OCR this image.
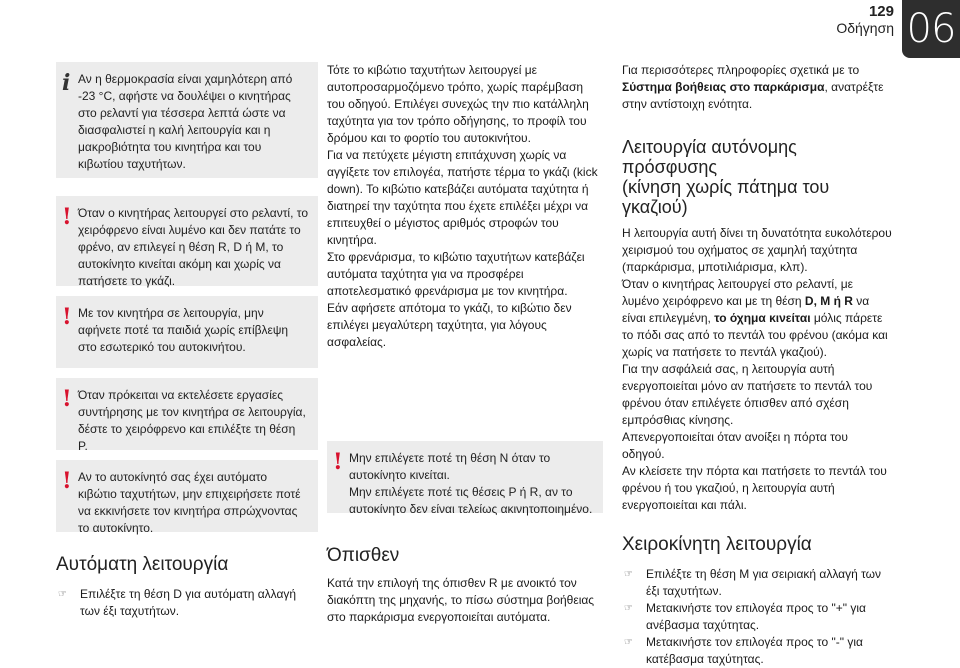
129
Οδήγηση 06
i Αν η θερμοκρασία είναι χαμηλότερη από -23 °C, αφήστε να δουλέψει ο κινητήρας στο ρελαντί για τέσσερα λεπτά ώστε να διασφαλιστεί η καλή λειτουργία και η μακροβιότητα του κινητήρα και του κιβωτίου ταχυτήτων.
! Όταν ο κινητήρας λειτουργεί στο ρελαντί, το χειρόφρενο είναι λυμένο και δεν πατάτε το φρένο, αν επιλεγεί η θέση R, D ή M, το αυτοκίνητο κινείται ακόμη και χωρίς να πατήσετε το γκάζι.
! Με τον κινητήρα σε λειτουργία, μην αφήνετε ποτέ τα παιδιά χωρίς επίβλεψη στο εσωτερικό του αυτοκινήτου.
! Όταν πρόκειται να εκτελέσετε εργασίες συντήρησης με τον κινητήρα σε λειτουργία, δέστε το χειρόφρενο και επιλέξτε τη θέση P.
! Αν το αυτοκίνητό σας έχει αυτόματο κιβώτιο ταχυτήτων, μην επιχειρήσετε ποτέ να εκκινήσετε τον κινητήρα σπρώχνοντας το αυτοκίνητο.
Αυτόματη λειτουργία
☞ Επιλέξτε τη θέση D για αυτόματη αλλαγή των έξι ταχυτήτων.

Τότε το κιβώτιο ταχυτήτων λειτουργεί με αυτοπροσαρμοζόμενο τρόπο, χωρίς παρέμβαση του οδηγού. Επιλέγει συνεχώς την πιο κατάλληλη ταχύτητα για τον τρόπο οδήγησης, το προφίλ του δρόμου και το φορτίο του αυτοκινήτου.

Για να πετύχετε μέγιστη επιτάχυνση χωρίς να αγγίξετε τον επιλογέα, πατήστε τέρμα το γκάζι (kick down). Το κιβώτιο κατεβάζει αυτόματα ταχύτητα ή διατηρεί την ταχύτητα που έχετε επιλέξει μέχρι να επιτευχθεί ο μέγιστος αριθμός στροφών του κινητήρα.

Στο φρενάρισμα, το κιβώτιο ταχυτήτων κατεβάζει αυτόματα ταχύτητα για να προσφέρει αποτελεσματικό φρενάρισμα με τον κινητήρα.

Εάν αφήσετε απότομα το γκάζι, το κιβώτιο δεν επιλέγει μεγαλύτερη ταχύτητα, για λόγους ασφαλείας.

! Μην επιλέγετε ποτέ τη θέση N όταν το αυτοκίνητο κινείται.
Μην επιλέγετε ποτέ τις θέσεις P ή R, αν το αυτοκίνητο δεν είναι τελείως ακινητοποιημένο.
Όπισθεν

Κατά την επιλογή της όπισθεν R με ανοικτό τον διακόπτη της μηχανής, το πίσω σύστημα βοήθειας στο παρκάρισμα ενεργοποιείται αυτόματα.

Για περισσότερες πληροφορίες σχετικά με το Σύστημα βοήθειας στο παρκάρισμα, ανατρέξτε στην αντίστοιχη ενότητα.

Λειτουργία αυτόνομης πρόσφυσης
(κίνηση χωρίς πάτημα του γκαζιού)

Η λειτουργία αυτή δίνει τη δυνατότητα ευκολότερου χειρισμού του οχήματος σε χαμηλή ταχύτητα (παρκάρισμα, μποτιλιάρισμα, κλπ).

Όταν ο κινητήρας λειτουργεί στο ρελαντί, με λυμένο χειρόφρενο και με τη θέση D, M ή R να είναι επιλεγμένη, το όχημα κινείται μόλις πάρετε το πόδι σας από το πεντάλ του φρένου (ακόμα και χωρίς να πατήσετε το πεντάλ γκαζιού).

Για την ασφάλειά σας, η λειτουργία αυτή ενεργοποιείται μόνο αν πατήσετε το πεντάλ του φρένου όταν επιλέγετε όπισθεν από σχέση εμπρόσθιας κίνησης.

Απενεργοποιείται όταν ανοίξει η πόρτα του οδηγού.

Αν κλείσετε την πόρτα και πατήσετε το πεντάλ του φρένου ή του γκαζιού, η λειτουργία αυτή ενεργοποιείται και πάλι.

Χειροκίνητη λειτουργία
☞ Επιλέξτε τη θέση M για σειριακή αλλαγή των έξι ταχυτήτων.
☞ Μετακινήστε τον επιλογέα προς το "+" για ανέβασμα ταχύτητας.
☞ Μετακινήστε τον επιλογέα προς το "-" για κατέβασμα ταχύτητας.
